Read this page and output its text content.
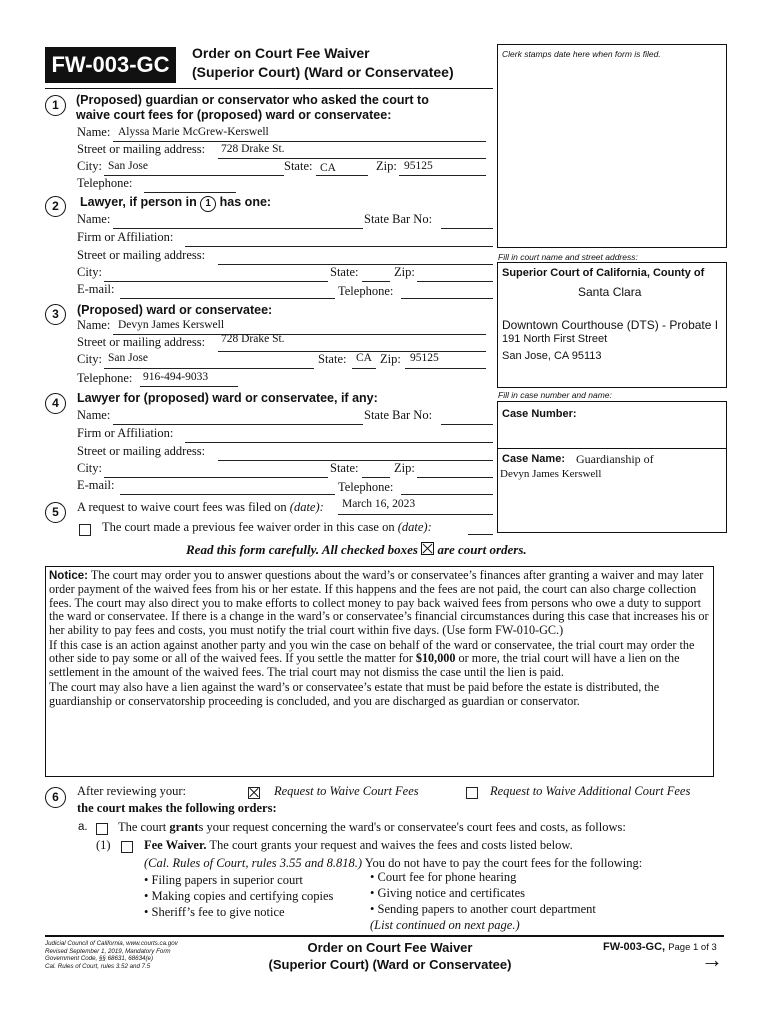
FW-003-GC	Order on Court Fee Waiver
(Superior Court) (Ward or Conservatee)
Clerk stamps date here when form is filed.
Fill in court name and street address:
Superior Court of California, County of
Santa Clara
Downtown Courthouse (DTS) - Probate I
191 North First Street
San Jose, CA 95113
Fill in case number and name:
Case Number:
Case Name: Guardianship of
Devyn James Kerswell
1	(Proposed) guardian or conservator who asked the court to
waive court fees for (proposed) ward or conservatee:
Name: Alyssa Marie McGrew-Kerswell
Street or mailing address: 728 Drake St.
City: San Jose	State: CA	Zip: 95125
Telephone:
2	Lawyer, if person in 1 has one:
Name:	State Bar No:
Firm or Affiliation:
Street or mailing address:
City:	State:	Zip:
E-mail:	Telephone:
3	(Proposed) ward or conservatee:
Name: Devyn James Kerswell
Street or mailing address: 728 Drake St.
City: San Jose	State: CA Zip: 95125
Telephone: 916-494-9033
4	Lawyer for (proposed) ward or conservatee, if any:
Name:	State Bar No:
Firm or Affiliation:
Street or mailing address:
City:	State:	Zip:
E-mail:	Telephone:
5	A request to waive court fees was filed on (date): March 16, 2023
The court made a previous fee waiver order in this case on (date):
Read this form carefully. All checked boxes are court orders.

Notice: The court may order you to answer questions about the ward’s or conservatee’s finances after granting a waiver and may later order payment of the waived fees from his or her estate. If this happens and the fees are not paid, the court can also charge collection fees. The court may also direct you to make efforts to collect money to pay back waived fees from persons who owe a duty to support the ward or conservatee. If there is a change in the ward’s or conservatee’s financial circumstances during this case that increases his or her ability to pay fees and costs, you must notify the trial court within five days. (Use form FW-010-GC.)

If this case is an action against another party and you win the case on behalf of the ward or conservatee, the trial court may order the other side to pay some or all of the waived fees. If you settle the matter for $10,000 or more, the trial court will have a lien on the settlement in the amount of the waived fees. The trial court may not dismiss the case until the lien is paid.

The court may also have a lien against the ward’s or conservatee’s estate that must be paid before the estate is distributed, the guardianship or conservatorship proceeding is concluded, and you are discharged as guardian or conservator.

6	After reviewing your:	Request to Waive Court Fees	Request to Waive Additional Court Fees
the court makes the following orders:
a. The court grants your request concerning the ward's or conservatee's court fees and costs, as follows:
(1)	Fee Waiver. The court grants your request and waives the fees and costs listed below.
(Cal. Rules of Court, rules 3.55 and 8.818.) You do not have to pay the court fees for the following:
• Filing papers in superior court
• Making copies and certifying copies
• Sheriff’s fee to give notice
• Court fee for phone hearing
• Giving notice and certificates
• Sending papers to another court department
(List continued on next page.)
Judicial Council of California, www.courts.ca.gov
Revised September 1, 2019, Mandatory Form
Government Code, §§ 68631, 68634(e)
Cal. Rules of Court, rules 3.52 and 7.5
Order on Court Fee Waiver
(Superior Court) (Ward or Conservatee)
FW-003-GC, Page 1 of 3
→
